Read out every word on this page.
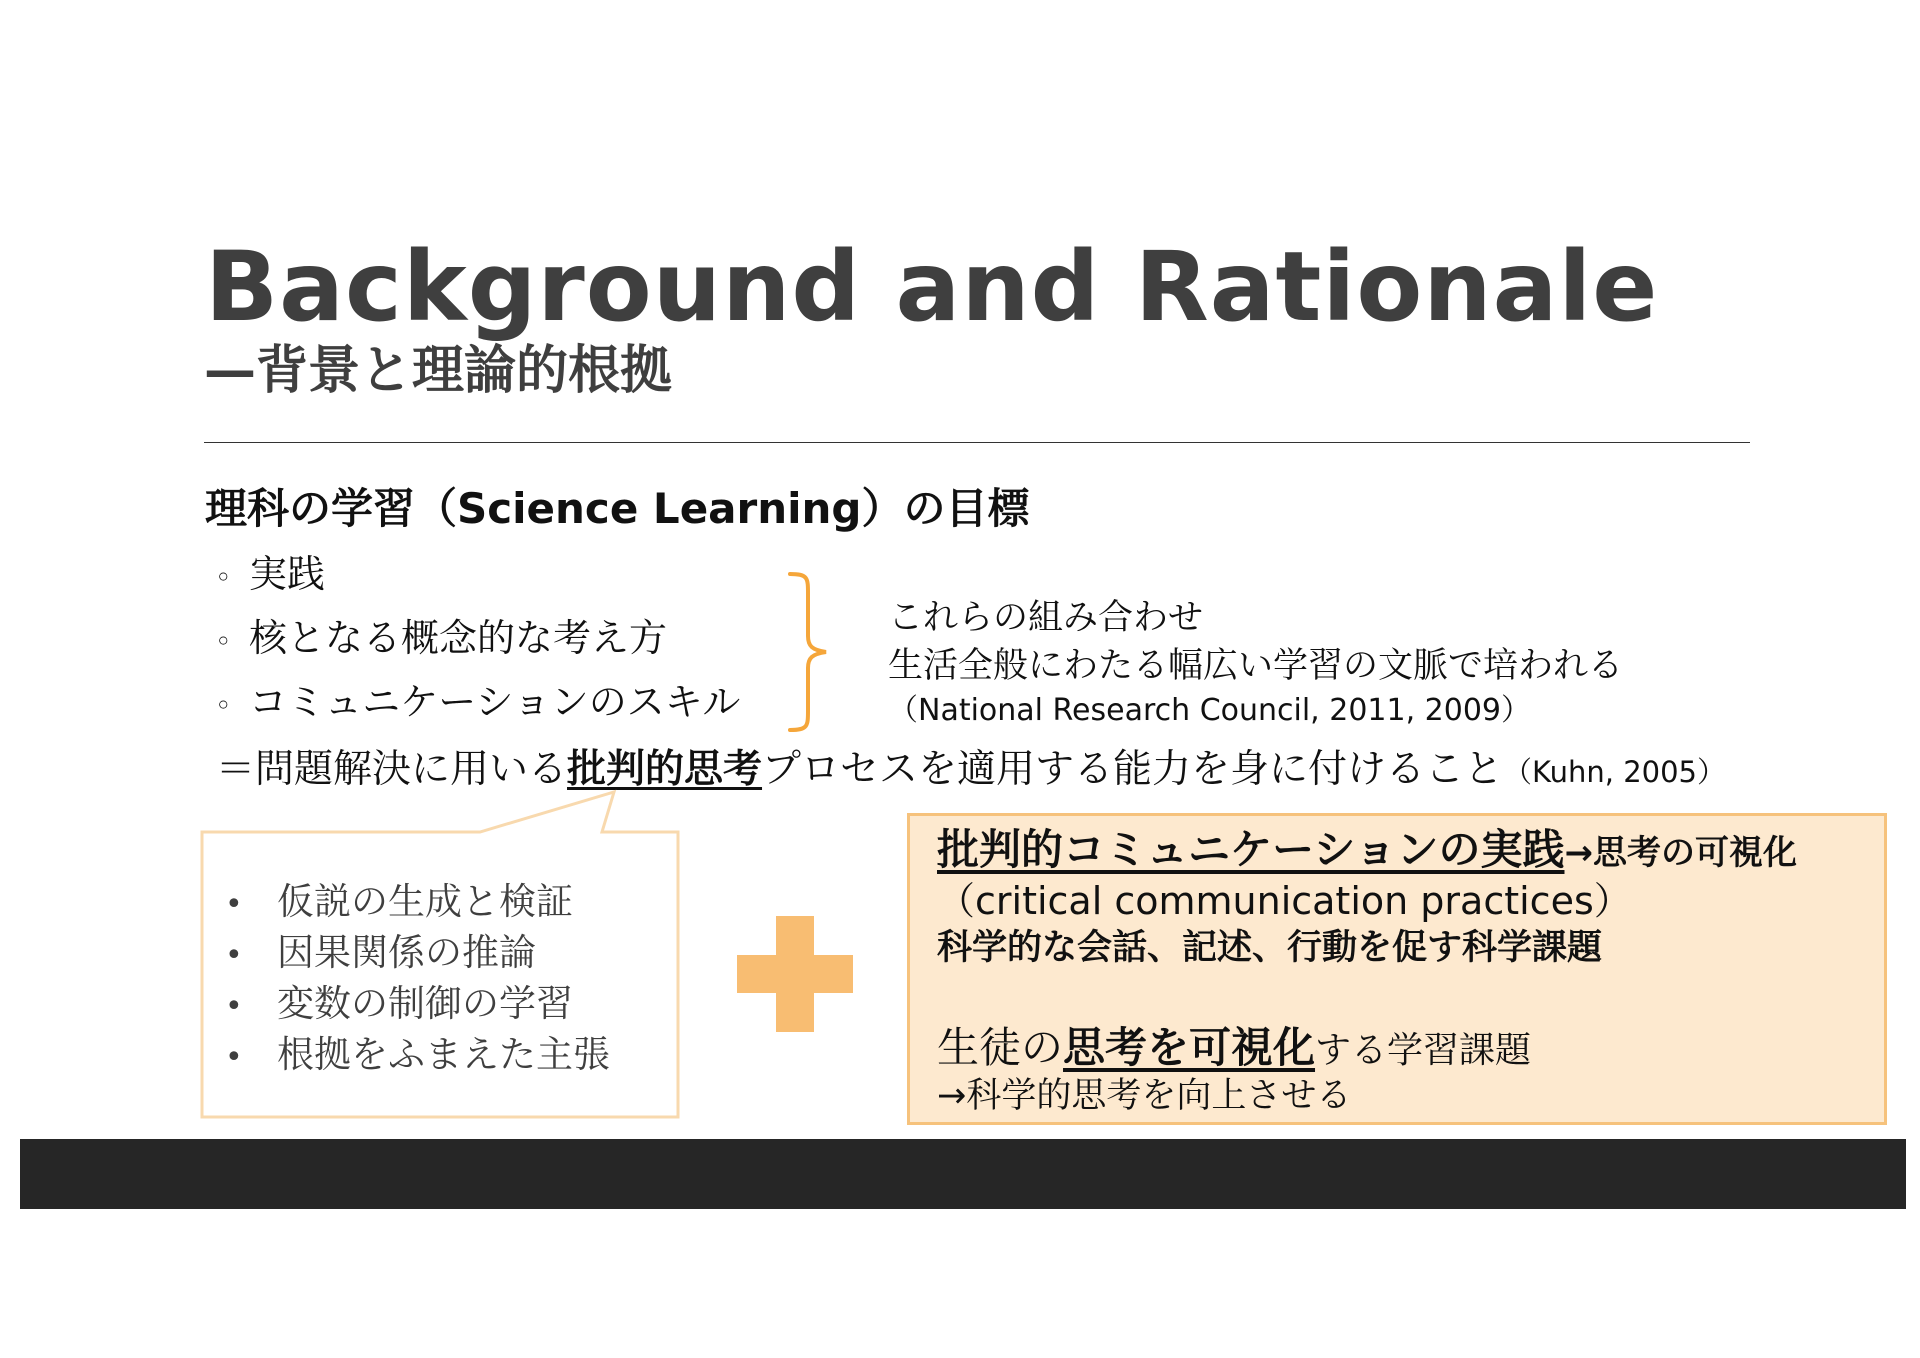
Background and Rationale
—背景と理論的根拠
理科の学習（Science Learning）の目標
◦ 実践
◦ 核となる概念的な考え方
◦ コミュニケーションのスキル
これらの組み合わせ
生活全般にわたる幅広い学習の文脈で培われる
（National Research Council, 2011, 2009）
＝問題解決に用いる批判的思考プロセスを適用する能力を身に付けること（Kuhn, 2005）
• 仮説の生成と検証
• 因果関係の推論
• 変数の制御の学習
• 根拠をふまえた主張
批判的コミュニケーションの実践→思考の可視化
（critical communication practices）
科学的な会話、記述、行動を促す科学課題
生徒の思考を可視化する学習課題
→科学的思考を向上させる
